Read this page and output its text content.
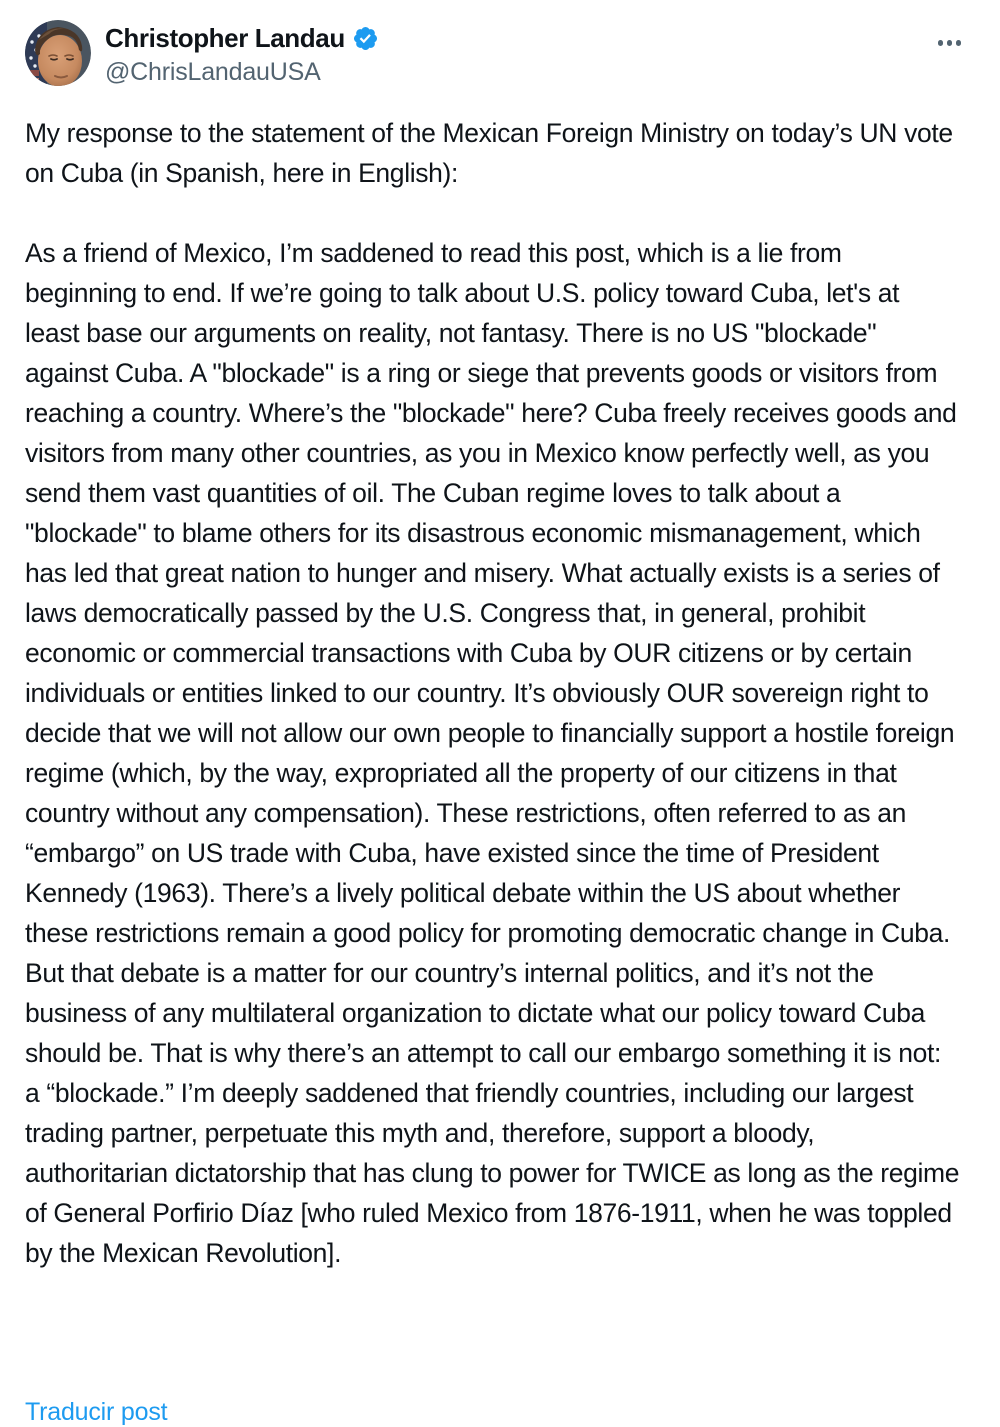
Christopher Landau
@ChrisLandauUSA

My response to the statement of the Mexican Foreign Ministry on today’s UN vote on Cuba (in Spanish, here in English):

As a friend of Mexico, I’m saddened to read this post, which is a lie from beginning to end. If we’re going to talk about U.S. policy toward Cuba, let's at least base our arguments on reality, not fantasy. There is no US "blockade" against Cuba. A "blockade" is a ring or siege that prevents goods or visitors from reaching a country. Where’s the "blockade" here? Cuba freely receives goods and visitors from many other countries, as you in Mexico know perfectly well, as you send them vast quantities of oil. The Cuban regime loves to talk about a "blockade" to blame others for its disastrous economic mismanagement, which has led that great nation to hunger and misery. What actually exists is a series of laws democratically passed by the U.S. Congress that, in general, prohibit economic or commercial transactions with Cuba by OUR citizens or by certain individuals or entities linked to our country. It’s obviously OUR sovereign right to decide that we will not allow our own people to financially support a hostile foreign regime (which, by the way, expropriated all the property of our citizens in that country without any compensation). These restrictions, often referred to as an “embargo” on US trade with Cuba, have existed since the time of President Kennedy (1963). There’s a lively political debate within the US about whether these restrictions remain a good policy for promoting democratic change in Cuba. But that debate is a matter for our country’s internal politics, and it’s not the business of any multilateral organization to dictate what our policy toward Cuba should be. That is why there’s an attempt to call our embargo something it is not: a “blockade.” I’m deeply saddened that friendly countries, including our largest trading partner, perpetuate this myth and, therefore, support a bloody, authoritarian dictatorship that has clung to power for TWICE as long as the regime of General Porfirio Díaz [who ruled Mexico from 1876-1911, when he was toppled by the Mexican Revolution].

Traducir post
